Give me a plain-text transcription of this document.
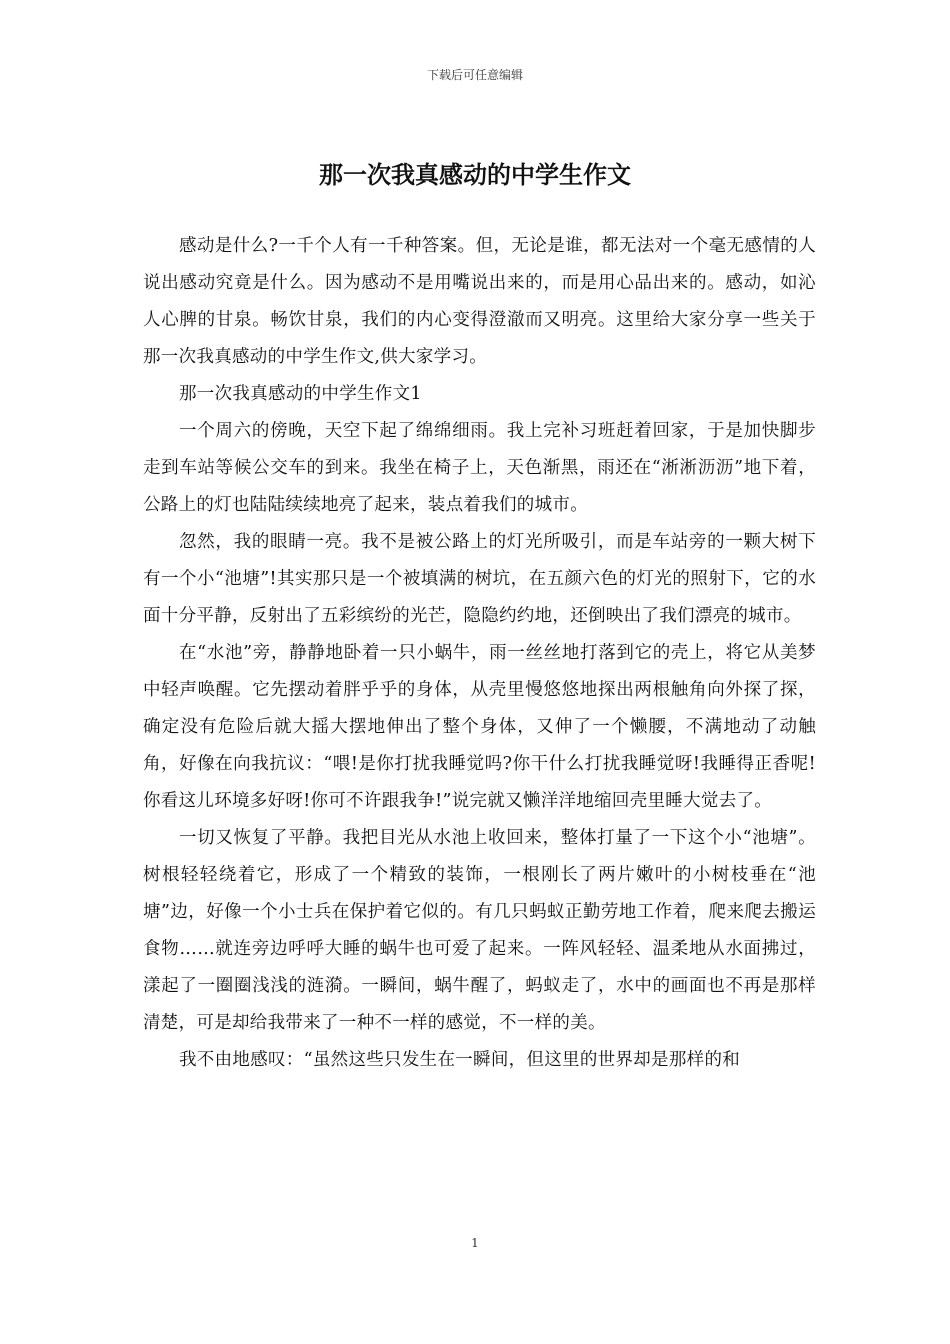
下载后可任意编辑
那一次我真感动的中学生作文

感动是什么?一千个人有一千种答案。但，无论是谁，都无法对一个毫无感情的人说出感动究竟是什么。因为感动不是用嘴说出来的，而是用心品出来的。感动，如沁人心脾的甘泉。畅饮甘泉，我们的内心变得澄澈而又明亮。这里给大家分享一些关于那一次我真感动的中学生作文,供大家学习。

那一次我真感动的中学生作文1

一个周六的傍晚，天空下起了绵绵细雨。我上完补习班赶着回家，于是加快脚步走到车站等候公交车的到来。我坐在椅子上，天色渐黑，雨还在“淅淅沥沥”地下着，公路上的灯也陆陆续续地亮了起来，装点着我们的城市。

忽然，我的眼睛一亮。我不是被公路上的灯光所吸引，而是车站旁的一颗大树下有一个小“池塘”!其实那只是一个被填满的树坑，在五颜六色的灯光的照射下，它的水面十分平静，反射出了五彩缤纷的光芒，隐隐约约地，还倒映出了我们漂亮的城市。

在“水池”旁，静静地卧着一只小蜗牛，雨一丝丝地打落到它的壳上，将它从美梦中轻声唤醒。它先摆动着胖乎乎的身体，从壳里慢悠悠地探出两根触角向外探了探，确定没有危险后就大摇大摆地伸出了整个身体，又伸了一个懒腰，不满地动了动触角，好像在向我抗议：“喂!是你打扰我睡觉吗?你干什么打扰我睡觉呀!我睡得正香呢!你看这儿环境多好呀!你可不许跟我争!”说完就又懒洋洋地缩回壳里睡大觉去了。

一切又恢复了平静。我把目光从水池上收回来，整体打量了一下这个小“池塘”。树根轻轻绕着它，形成了一个精致的装饰，一根刚长了两片嫩叶的小树枝垂在“池塘”边，好像一个小士兵在保护着它似的。有几只蚂蚁正勤劳地工作着，爬来爬去搬运食物……就连旁边呼呼大睡的蜗牛也可爱了起来。一阵风轻轻、温柔地从水面拂过，漾起了一圈圈浅浅的涟漪。一瞬间，蜗牛醒了，蚂蚁走了，水中的画面也不再是那样清楚，可是却给我带来了一种不一样的感觉，不一样的美。

我不由地感叹：“虽然这些只发生在一瞬间，但这里的世界却是那样的和

1
